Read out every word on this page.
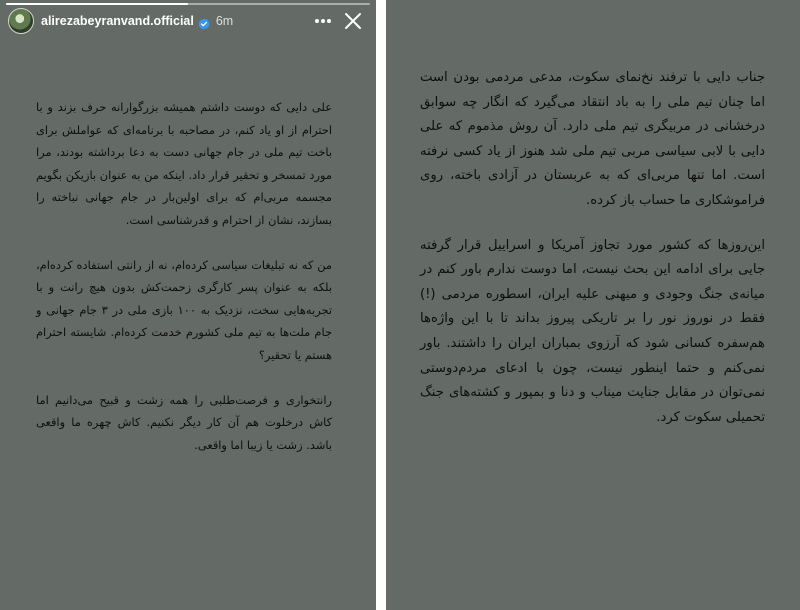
alirezabeyranvand.official 6m

علی دایی که دوست داشتم همیشه بزرگوارانه حرف بزند و با احترام از او یاد کنم، در مصاحبه با برنامه‌ای که عواملش برای باخت تیم ملی در جام جهانی دست به دعا برداشته بودند، مرا مورد تمسخر و تحقیر قرار داد. اینکه من به عنوان بازیکن بگویم مجسمه مربی‌ام که برای اولین‌بار در جام جهانی نباخته را بسازند، نشان از احترام و قدرشناسی است.

من که نه تبلیغات سیاسی کرده‌ام، نه از رانتی استفاده کرده‌ام، بلکه به عنوان پسر کارگری زحمت‌کش بدون هیچ رانت و با تجربه‌هایی سخت، نزدیک به ۱۰۰ بازی ملی در ۳ جام جهانی و جام ملت‌ها به تیم ملی کشورم خدمت کرده‌ام. شایسته احترام هستم یا تحقیر؟

رانتخواری و فرصت‌طلبی را همه زشت و قبیح می‌دانیم اما کاش درخلوت هم آن کار دیگر نکنیم. کاش چهره ما واقعی باشد. زشت یا زیبا اما واقعی.

جناب دایی با ترفند نخ‌نمای سکوت، مدعی مردمی بودن است اما چنان تیم ملی را به باد انتقاد می‌گیرد که انگار چه سوابق درخشانی در مربیگری تیم ملی دارد. آن روش مذموم که علی دایی با لابی سیاسی مربی تیم ملی شد هنوز از یاد کسی نرفته است. اما تنها مربی‌ای که به عربستان در آزادی باخته، روی فراموشکاری ما حساب باز کرده.

این‌روزها که کشور مورد تجاوز آمریکا و اسراییل قرار گرفته جایی برای ادامه این بحث نیست، اما دوست ندارم باور کنم در میانه‌ی جنگ وجودی و میهنی علیه ایران، اسطوره مردمی (!) فقط در نوروز نور را بر تاریکی پیروز بداند تا با این واژه‌ها هم‌سفره کسانی شود که آرزوی بمباران ایران را داشتند. باور نمی‌کنم و حتما اینطور نیست، چون با ادعای مردم‌دوستی نمی‌توان در مقابل جنایت میناب و دنا و بمپور و کشته‌های جنگ تحمیلی سکوت کرد.
